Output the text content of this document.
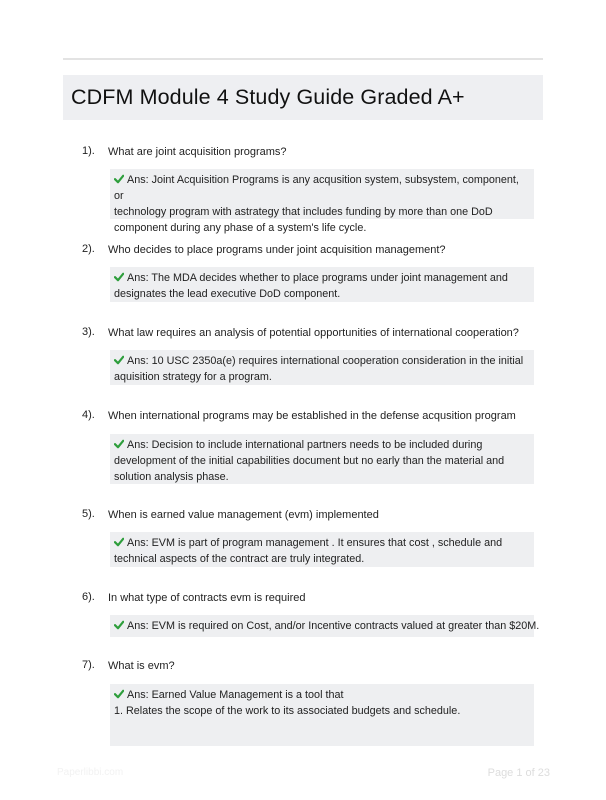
CDFM Module 4 Study Guide Graded A+
1). What are joint acquisition programs?
Ans: Joint Acquisition Programs is any acqusition system, subsystem, component, or
technology program with astrategy that includes funding by more than one DoD
component during any phase of a system's life cycle.
2). Who decides to place programs under joint acquisition management?
Ans: The MDA decides whether to place programs under joint management and
designates the lead executive DoD component.
3). What law requires an analysis of potential opportunities of international cooperation?
Ans: 10 USC 2350a(e) requires international cooperation consideration in the initial
aquisition strategy for a program.
4). When international programs may be established in the defense acqusition program
Ans: Decision to include international partners needs to be included during
development of the initial capabilities document but no early than the material and
solution analysis phase.
5). When is earned value management (evm) implemented
Ans: EVM is part of program management . It ensures that cost , schedule and
technical aspects of the contract are truly integrated.
6). In what type of contracts evm is required
Ans: EVM is required on Cost, and/or Incentive contracts valued at greater than $20M.
7). What is evm?
Ans: Earned Value Management is a tool that
1. Relates the scope of the work to its associated budgets and schedule.
Paperlibbi.com	Page 1 of 23
